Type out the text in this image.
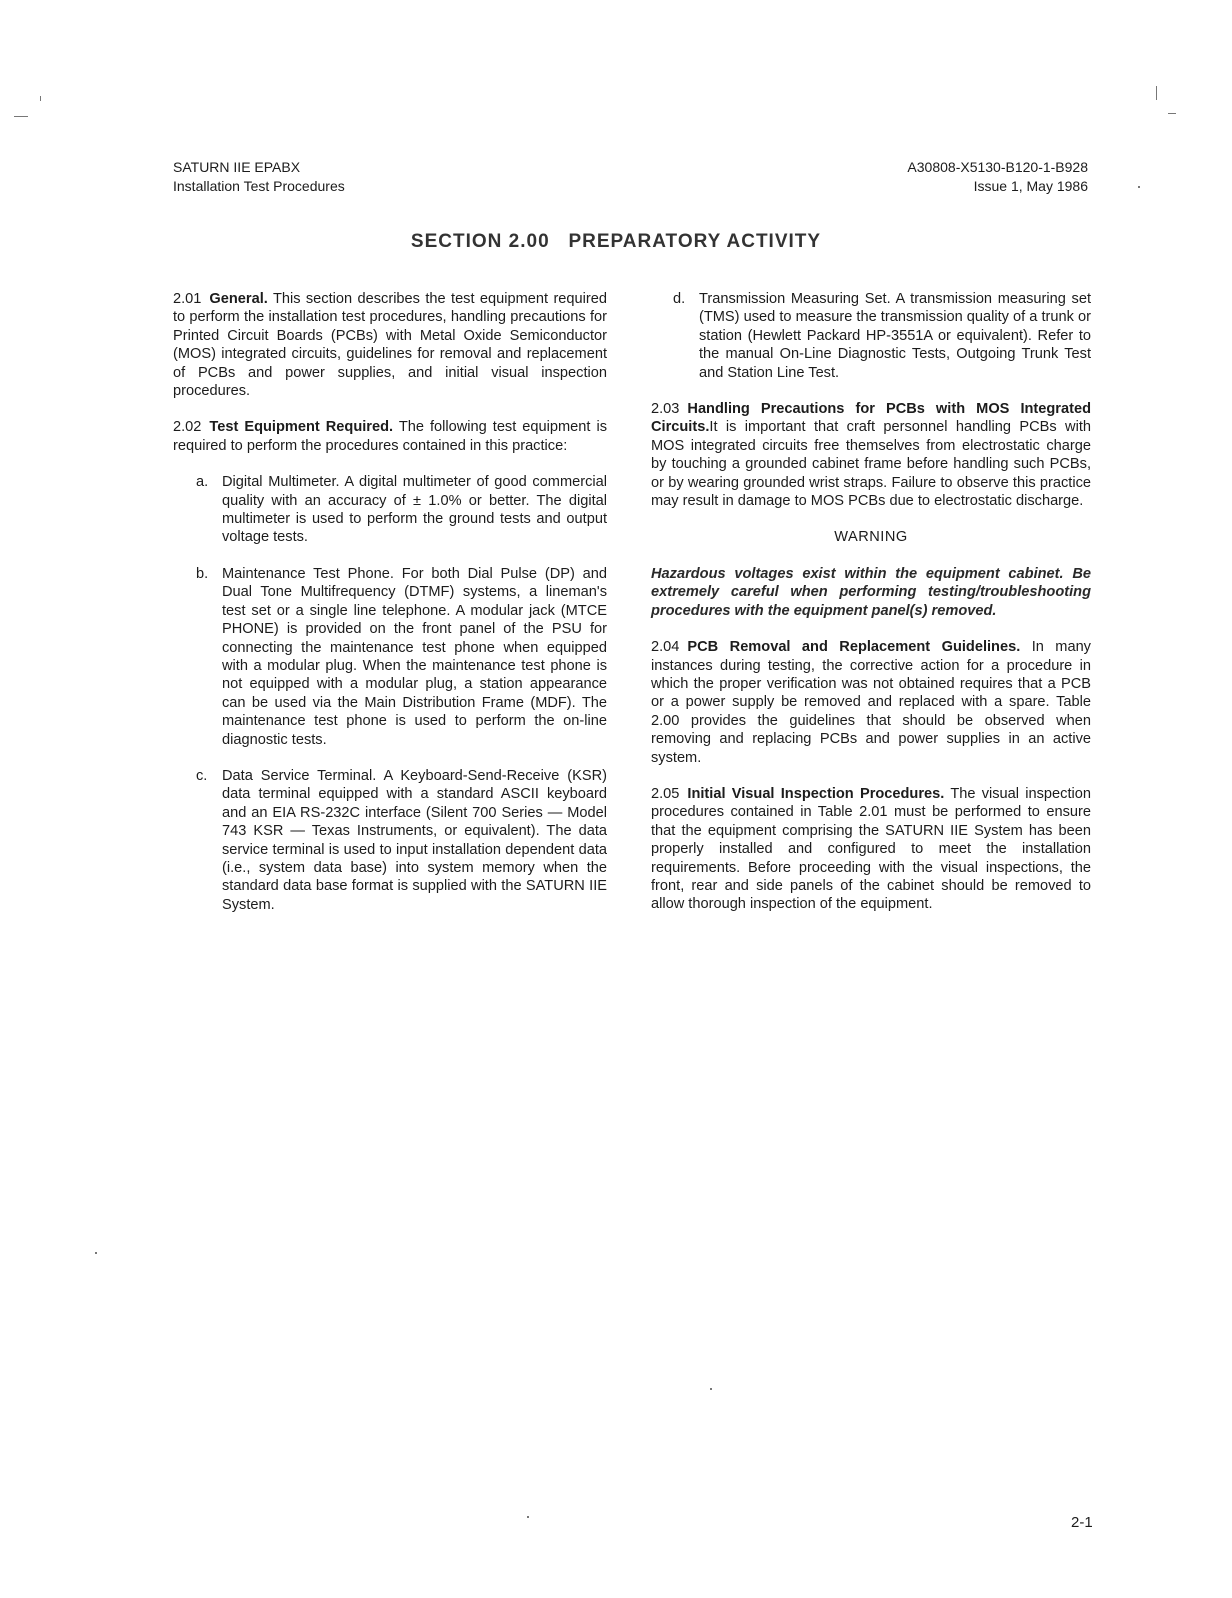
SATURN IIE EPABX
Installation Test Procedures
A30808-X5130-B120-1-B928
Issue 1, May 1986
SECTION 2.00   PREPARATORY ACTIVITY

2.01 General. This section describes the test equipment required to perform the installation test procedures, handling precautions for Printed Circuit Boards (PCBs) with Metal Oxide Semiconductor (MOS) integrated circuits, guidelines for removal and replacement of PCBs and power supplies, and initial visual inspection procedures.

2.02 Test Equipment Required. The following test equipment is required to perform the procedures contained in this practice:

a. Digital Multimeter. A digital multimeter of good commercial quality with an accuracy of ± 1.0% or better. The digital multimeter is used to perform the ground tests and output voltage tests.
b. Maintenance Test Phone. For both Dial Pulse (DP) and Dual Tone Multifrequency (DTMF) systems, a lineman's test set or a single line telephone. A modular jack (MTCE PHONE) is provided on the front panel of the PSU for connecting the maintenance test phone when equipped with a modular plug. When the maintenance test phone is not equipped with a modular plug, a station appearance can be used via the Main Distribution Frame (MDF). The maintenance test phone is used to perform the on-line diagnostic tests.
c. Data Service Terminal. A Keyboard-Send-Receive (KSR) data terminal equipped with a standard ASCII keyboard and an EIA RS-232C interface (Silent 700 Series — Model 743 KSR — Texas Instruments, or equivalent). The data service terminal is used to input installation dependent data (i.e., system data base) into system memory when the standard data base format is supplied with the SATURN IIE System.
d. Transmission Measuring Set. A transmission measuring set (TMS) used to measure the transmission quality of a trunk or station (Hewlett Packard HP-3551A or equivalent). Refer to the manual On-Line Diagnostic Tests, Outgoing Trunk Test and Station Line Test.

2.03 Handling Precautions for PCBs with MOS Integrated Circuits.It is important that craft personnel handling PCBs with MOS integrated circuits free themselves from electrostatic charge by touching a grounded cabinet frame before handling such PCBs, or by wearing grounded wrist straps. Failure to observe this practice may result in damage to MOS PCBs due to electrostatic discharge.

WARNING

Hazardous voltages exist within the equipment cabinet. Be extremely careful when performing testing/troubleshooting procedures with the equipment panel(s) removed.

2.04 PCB Removal and Replacement Guidelines. In many instances during testing, the corrective action for a procedure in which the proper verification was not obtained requires that a PCB or a power supply be removed and replaced with a spare. Table 2.00 provides the guidelines that should be observed when removing and replacing PCBs and power supplies in an active system.

2.05 Initial Visual Inspection Procedures. The visual inspection procedures contained in Table 2.01 must be performed to ensure that the equipment comprising the SATURN IIE System has been properly installed and configured to meet the installation requirements. Before proceeding with the visual inspections, the front, rear and side panels of the cabinet should be removed to allow thorough inspection of the equipment.

2-1
